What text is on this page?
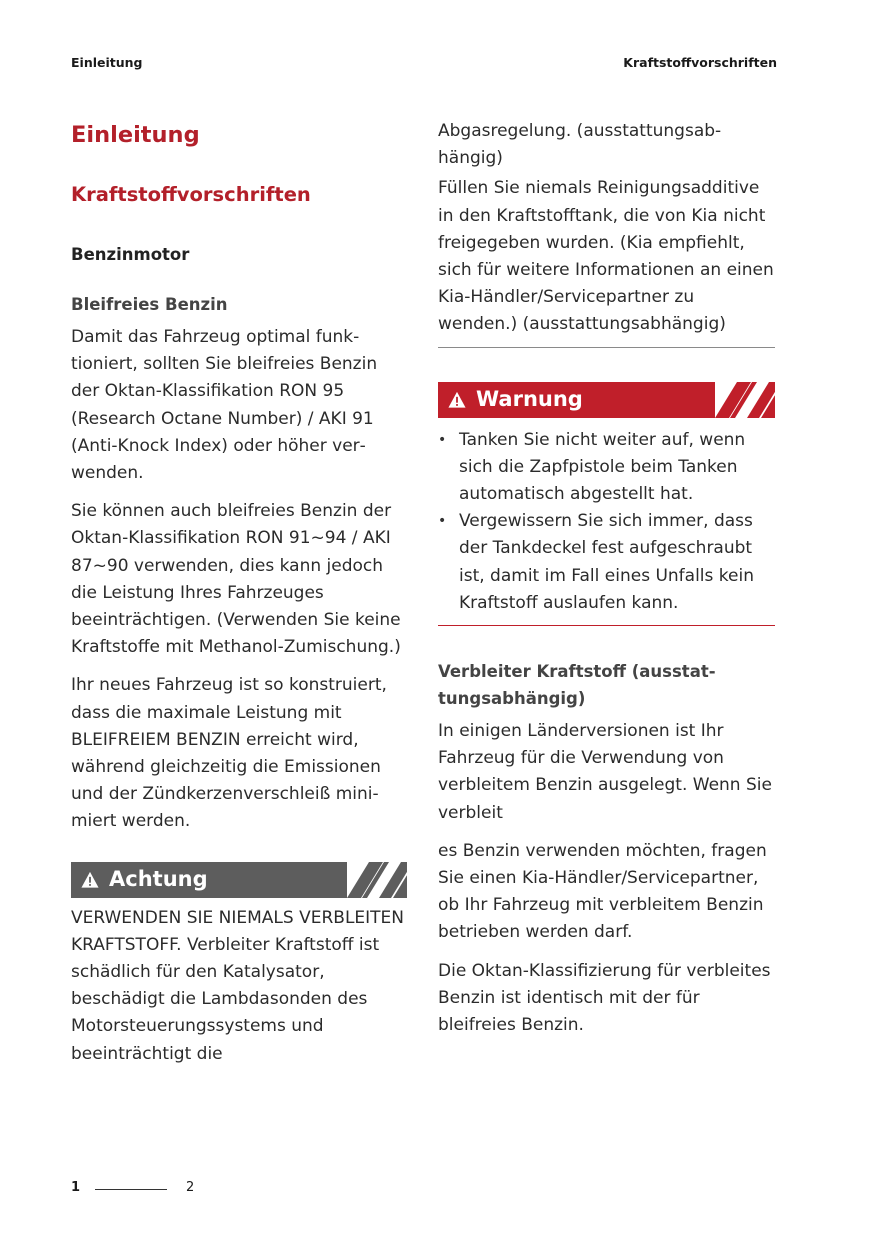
Einleitung	Kraftstoffvorschriften
Einleitung
Kraftstoffvorschriften
Benzinmotor
Bleifreies Benzin

Damit das Fahrzeug optimal funktioniert, sollten Sie bleifreies Benzin der Oktan-Klassifikation RON 95 (Research Octane Number) / AKI 91 (Anti-Knock Index) oder höher verwenden.

Sie können auch bleifreies Benzin der Oktan-Klassifikation RON 91~94 / AKI 87~90 verwenden, dies kann jedoch die Leistung Ihres Fahrzeuges beeinträchtigen. (Verwenden Sie keine Kraftstoffe mit Methanol-Zumischung.)

Ihr neues Fahrzeug ist so konstruiert, dass die maximale Leistung mit BLEIFREIEM BENZIN erreicht wird, während gleichzeitig die Emissionen und der Zündkerzenverschleiß minimiert werden.

Achtung

VERWENDEN SIE NIEMALS VERBLEITEN KRAFTSTOFF. Verbleiter Kraftstoff ist schädlich für den Katalysator, beschädigt die Lambdasonden des Motorsteuerungssystems und beeinträchtigt die

Abgasregelung. (ausstattungsabhängig)

Füllen Sie niemals Reinigungsadditive in den Kraftstofftank, die von Kia nicht freigegeben wurden. (Kia empfiehlt, sich für weitere Informationen an einen Kia-Händler/Servicepartner zu wenden.) (ausstattungsabhängig)

Warnung
• Tanken Sie nicht weiter auf, wenn sich die Zapfpistole beim Tanken automatisch abgestellt hat.
• Vergewissern Sie sich immer, dass der Tankdeckel fest aufgeschraubt ist, damit im Fall eines Unfalls kein Kraftstoff auslaufen kann.
Verbleiter Kraftstoff (ausstattungsabhängig)

In einigen Länderversionen ist Ihr Fahrzeug für die Verwendung von verbleitem Benzin ausgelegt. Wenn Sie verbleit

es Benzin verwenden möchten, fragen Sie einen Kia-Händler/Servicepartner, ob Ihr Fahrzeug mit verbleitem Benzin betrieben werden darf.

Die Oktan-Klassifizierung für verbleites Benzin ist identisch mit der für bleifreies Benzin.

1	2
